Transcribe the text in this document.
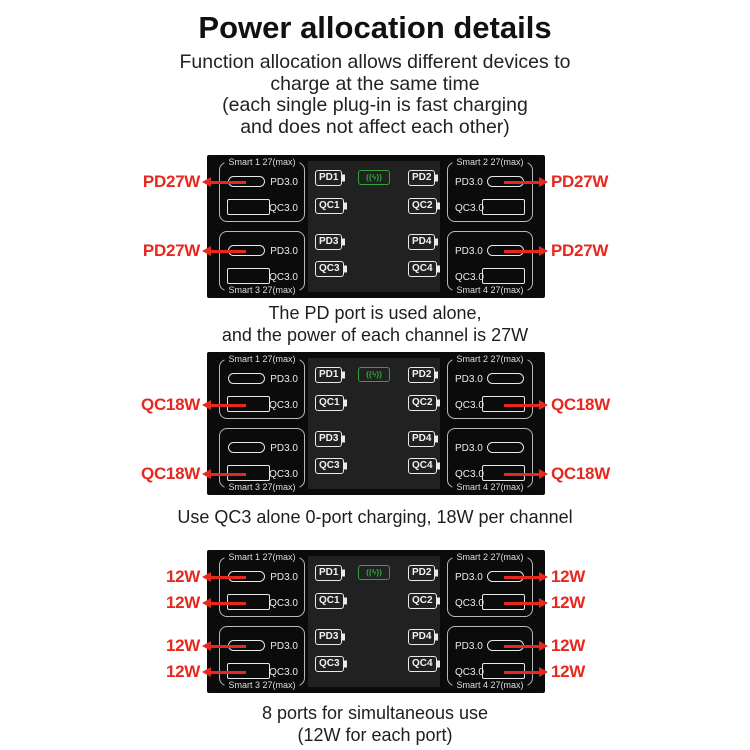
Power allocation details
Function allocation allows different devices to
charge at the same time
(each single plug-in is fast charging
and does not affect each other)
Smart 1 27(max)
PD3.0
QC3.0
Smart 3 27(max)
PD3.0
QC3.0
PD1
QC1
PD3
QC3
PD2
QC2
PD4
QC4
((ϟ))
Smart 2 27(max)
PD3.0
QC3.0
Smart 4 27(max)
PD3.0
QC3.0
PD27W
PD27W
PD27W
PD27W
The PD port is used alone,
and the power of each channel is 27W
Smart 1 27(max)
PD3.0
QC3.0
Smart 3 27(max)
PD3.0
QC3.0
PD1
QC1
PD3
QC3
PD2
QC2
PD4
QC4
((ϟ))
Smart 2 27(max)
PD3.0
QC3.0
Smart 4 27(max)
PD3.0
QC3.0
QC18W
QC18W
QC18W
QC18W
Use QC3 alone 0-port charging, 18W per channel
Smart 1 27(max)
PD3.0
QC3.0
Smart 3 27(max)
PD3.0
QC3.0
PD1
QC1
PD3
QC3
PD2
QC2
PD4
QC4
((ϟ))
Smart 2 27(max)
PD3.0
QC3.0
Smart 4 27(max)
PD3.0
QC3.0
12W
12W
12W
12W
12W
12W
12W
12W
8 ports for simultaneous use
(12W for each port)
